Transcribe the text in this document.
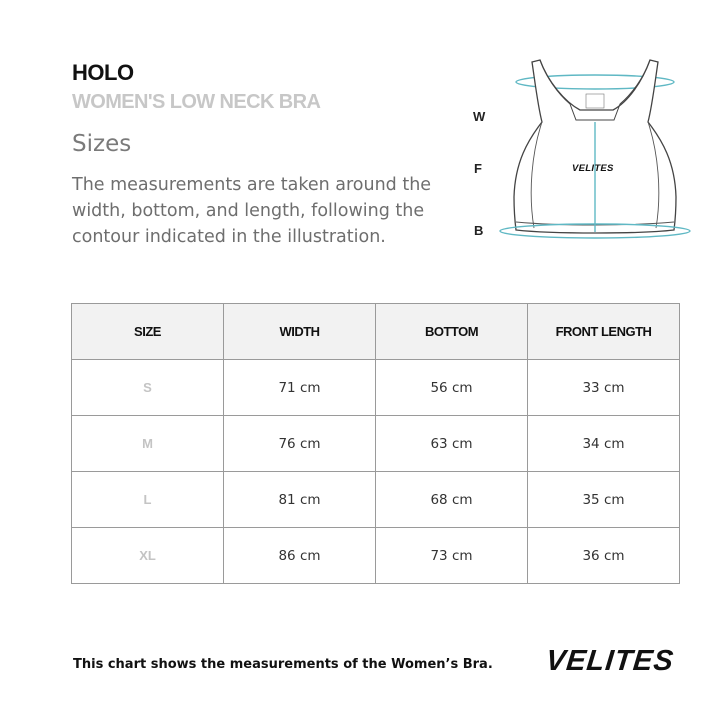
HOLO
WOMEN'S LOW NECK BRA
Sizes
The measurements are taken around the width, bottom, and length, following the contour indicated in the illustration.
W
F
B
VELITES
SIZE	WIDTH	BOTTOM	FRONT LENGTH
S	71 cm	56 cm	33 cm
M	76 cm	63 cm	34 cm
L	81 cm	68 cm	35 cm
XL	86 cm	73 cm	36 cm
This chart shows the measurements of the Women’s Bra. VELITES
